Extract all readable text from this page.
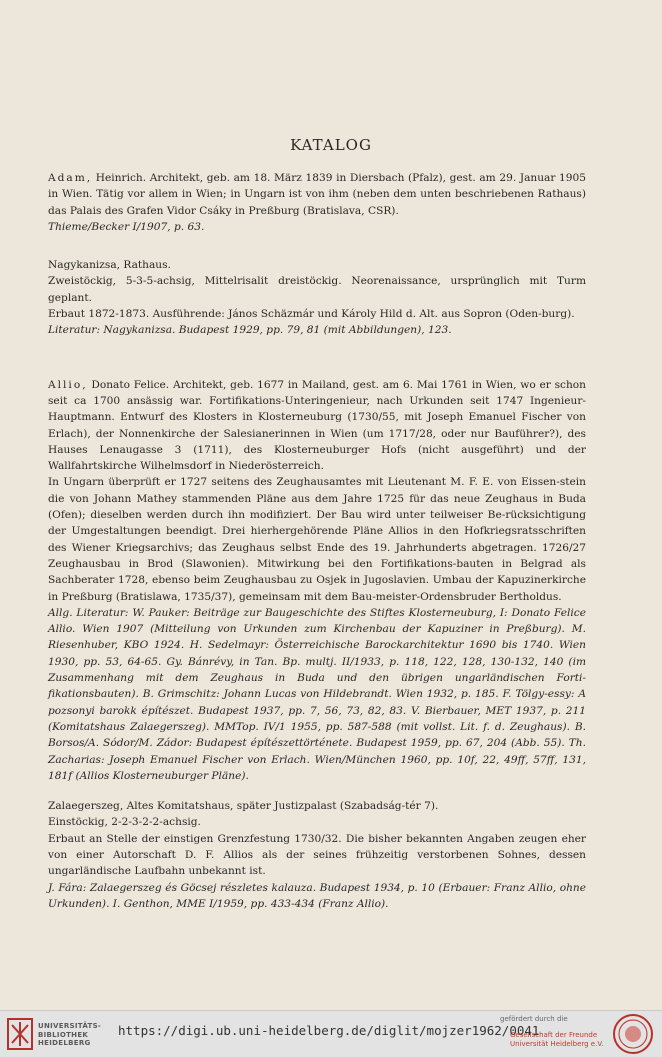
KATALOG

Adam, Heinrich. Architekt, geb. am 18. März 1839 in Diersbach (Pfalz), gest. am 29. Januar 1905 in Wien. Tätig vor allem in Wien; in Ungarn ist von ihm (neben dem unten beschriebenen Rathaus) das Palais des Grafen Vidor Csáky in Preßburg (Bratislava, CSR).

Thieme/Becker I/1907, p. 63.

Nagykanizsa, Rathaus.

Zweistöckig, 5-3-5-achsig, Mittelrisalit dreistöckig. Neorenaissance, ursprünglich mit Turm geplant.

Erbaut 1872-1873. Ausführende: János Schäzmár und Károly Hild d. Alt. aus Sopron (Oden-burg).

Literatur: Nagykanizsa. Budapest 1929, pp. 79, 81 (mit Abbildungen), 123.

Allio, Donato Felice. Architekt, geb. 1677 in Mailand, gest. am 6. Mai 1761 in Wien, wo er schon seit ca 1700 ansässig war. Fortifikations-Unteringenieur, nach Urkunden seit 1747 Ingenieur-Hauptmann. Entwurf des Klosters in Klosterneuburg (1730/55, mit Joseph Emanuel Fischer von Erlach), der Nonnenkirche der Salesianerinnen in Wien (um 1717/28, oder nur Bauführer?), des Hauses Lenaugasse 3 (1711), des Klosterneuburger Hofs (nicht ausgeführt) und der Wallfahrtskirche Wilhelmsdorf in Niederösterreich.

In Ungarn überprüft er 1727 seitens des Zeughausamtes mit Lieutenant M. F. E. von Eissen-stein die von Johann Mathey stammenden Pläne aus dem Jahre 1725 für das neue Zeughaus in Buda (Ofen); dieselben werden durch ihn modifiziert. Der Bau wird unter teilweiser Be-rücksichtigung der Umgestaltungen beendigt. Drei hierhergehörende Pläne Allios in den Hofkriegsratsschriften des Wiener Kriegsarchivs; das Zeughaus selbst Ende des 19. Jahrhunderts abgetragen. 1726/27 Zeughausbau in Brod (Slawonien). Mitwirkung bei den Fortifikations-bauten in Belgrad als Sachberater 1728, ebenso beim Zeughausbau zu Osjek in Jugoslavien. Umbau der Kapuzinerkirche in Preßburg (Bratislawa, 1735/37), gemeinsam mit dem Bau-meister-Ordensbruder Bertholdus.

Allg. Literatur: W. Pauker: Beiträge zur Baugeschichte des Stiftes Klosterneuburg, I: Donato Felice Allio. Wien 1907 (Mitteilung von Urkunden zum Kirchenbau der Kapuziner in Preßburg). M. Riesenhuber, KBO 1924. H. Sedelmayr: Österreichische Barockarchitektur 1690 bis 1740. Wien 1930, pp. 53, 64-65. Gy. Bánrévy, in Tan. Bp. multj. II/1933, p. 118, 122, 128, 130-132, 140 (im Zusammenhang mit dem Zeughaus in Buda und den übrigen ungarländischen Forti-fikationsbauten). B. Grimschitz: Johann Lucas von Hildebrandt. Wien 1932, p. 185. F. Tölgy-essy: A pozsonyi barokk építészet. Budapest 1937, pp. 7, 56, 73, 82, 83. V. Bierbauer, MET 1937, p. 211 (Komitatshaus Zalaegerszeg). MMTop. IV/1 1955, pp. 587-588 (mit vollst. Lit. f. d. Zeughaus). B. Borsos/A. Sódor/M. Zádor: Budapest építészettörténete. Budapest 1959, pp. 67, 204 (Abb. 55). Th. Zacharias: Joseph Emanuel Fischer von Erlach. Wien/München 1960, pp. 10f, 22, 49ff, 57ff, 131, 181f (Allios Klosterneuburger Pläne).

Zalaegerszeg, Altes Komitatshaus, später Justizpalast (Szabadság-tér 7).

Einstöckig, 2-2-3-2-2-achsig.

Erbaut an Stelle der einstigen Grenzfestung 1730/32. Die bisher bekannten Angaben zeugen eher von einer Autorschaft D. F. Allios als der seines frühzeitig verstorbenen Sohnes, dessen ungarländische Laufbahn unbekannt ist.

J. Fára: Zalaegerszeg és Göcsej részletes kalauza. Budapest 1934, p. 10 (Erbauer: Franz Allio, ohne Urkunden). I. Genthon, MME I/1959, pp. 433-434 (Franz Allio).

UNIVERSITÄTS-
BIBLIOTHEK
HEIDELBERG
https://digi.ub.uni-heidelberg.de/diglit/mojzer1962/0041
gefördert durch die
Gesellschaft der Freunde
Universität Heidelberg e.V.
